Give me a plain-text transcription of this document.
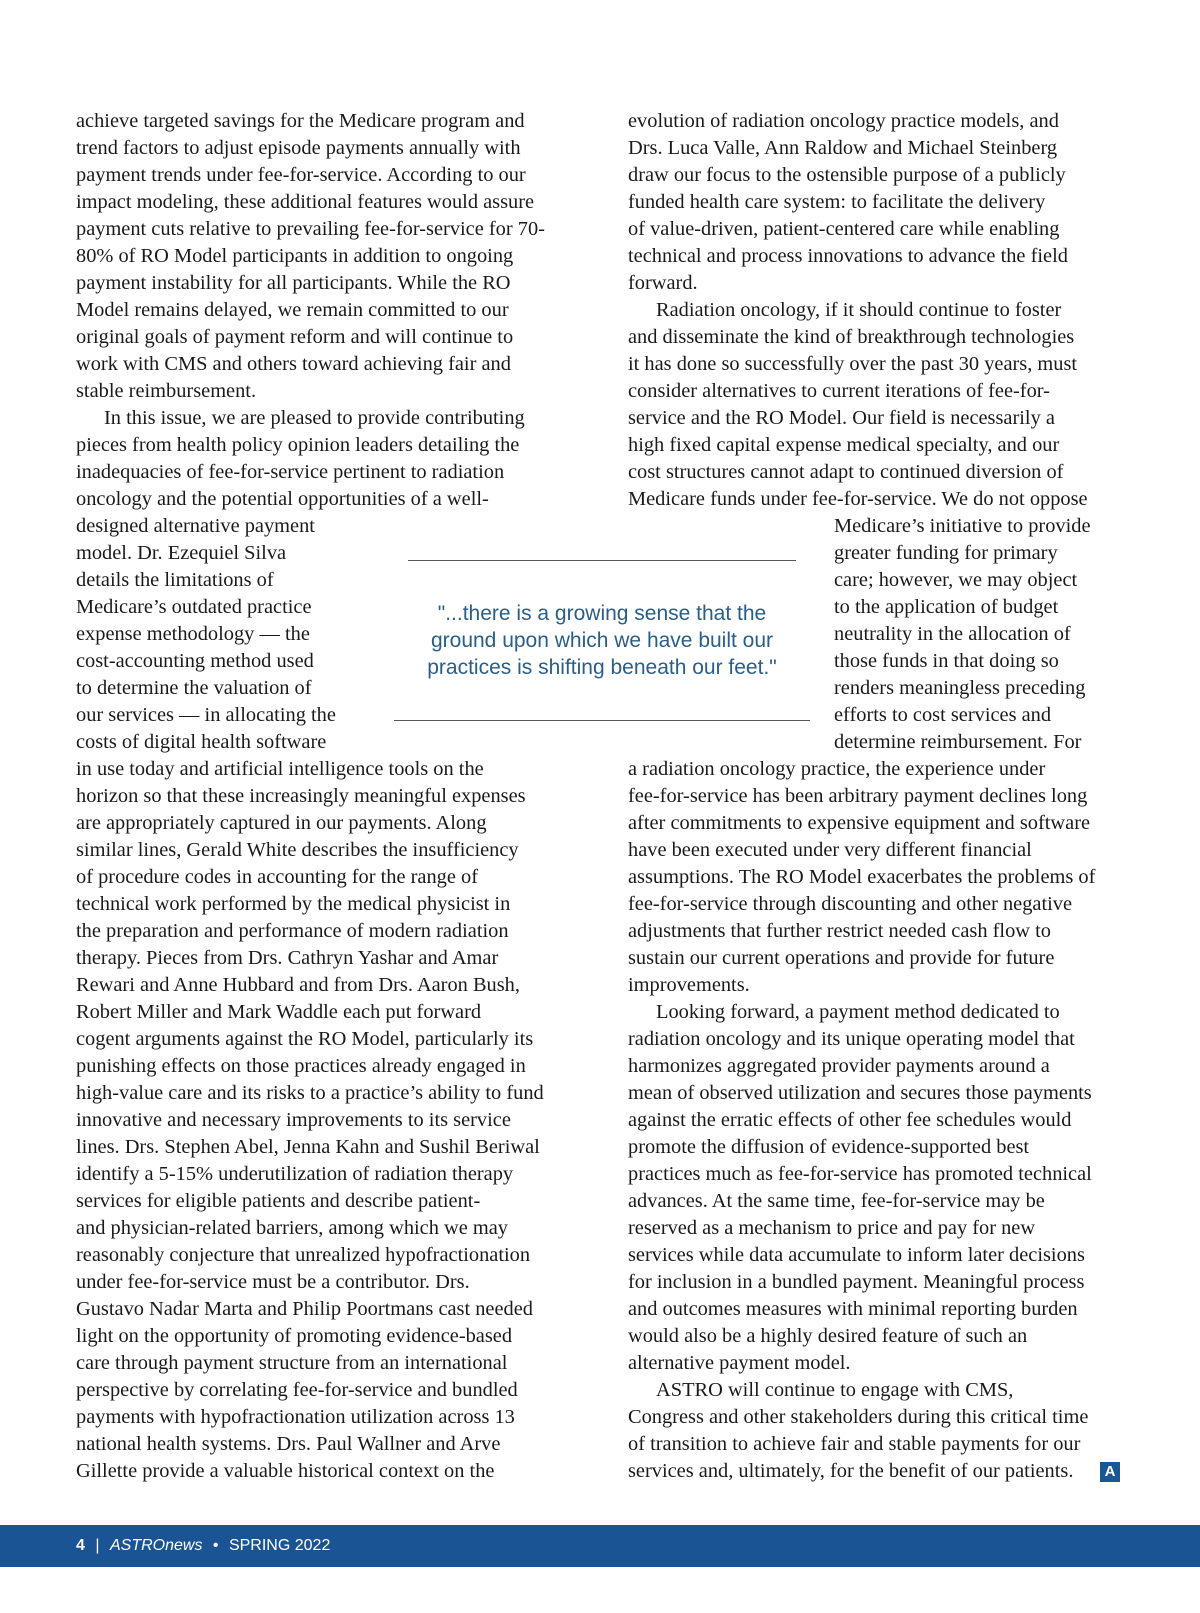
achieve targeted savings for the Medicare program and

trend factors to adjust episode payments annually with

payment trends under fee-for-service. According to our

impact modeling, these additional features would assure

payment cuts relative to prevailing fee-for-service for 70-

80% of RO Model participants in addition to ongoing

payment instability for all participants. While the RO

Model remains delayed, we remain committed to our

original goals of payment reform and will continue to

work with CMS and others toward achieving fair and

stable reimbursement.

In this issue, we are pleased to provide contributing

pieces from health policy opinion leaders detailing the

inadequacies of fee-for-service pertinent to radiation

oncology and the potential opportunities of a well-

designed alternative payment

model. Dr. Ezequiel Silva

details the limitations of

Medicare’s outdated practice

expense methodology — the

cost-accounting method used

to determine the valuation of

our services — in allocating the

costs of digital health software

in use today and artificial intelligence tools on the

horizon so that these increasingly meaningful expenses

are appropriately captured in our payments. Along

similar lines, Gerald White describes the insufficiency

of procedure codes in accounting for the range of

technical work performed by the medical physicist in

the preparation and performance of modern radiation

therapy. Pieces from Drs. Cathryn Yashar and Amar

Rewari and Anne Hubbard and from Drs. Aaron Bush,

Robert Miller and Mark Waddle each put forward

cogent arguments against the RO Model, particularly its

punishing effects on those practices already engaged in

high-value care and its risks to a practice’s ability to fund

innovative and necessary improvements to its service

lines. Drs. Stephen Abel, Jenna Kahn and Sushil Beriwal

identify a 5-15% underutilization of radiation therapy

services for eligible patients and describe patient-

and physician-related barriers, among which we may

reasonably conjecture that unrealized hypofractionation

under fee-for-service must be a contributor. Drs.

Gustavo Nadar Marta and Philip Poortmans cast needed

light on the opportunity of promoting evidence-based

care through payment structure from an international

perspective by correlating fee-for-service and bundled

payments with hypofractionation utilization across 13

national health systems. Drs. Paul Wallner and Arve

Gillette provide a valuable historical context on the

evolution of radiation oncology practice models, and

Drs. Luca Valle, Ann Raldow and Michael Steinberg

draw our focus to the ostensible purpose of a publicly

funded health care system: to facilitate the delivery

of value-driven, patient-centered care while enabling

technical and process innovations to advance the field

forward.

Radiation oncology, if it should continue to foster

and disseminate the kind of breakthrough technologies

it has done so successfully over the past 30 years, must

consider alternatives to current iterations of fee-for-

service and the RO Model. Our field is necessarily a

high fixed capital expense medical specialty, and our

cost structures cannot adapt to continued diversion of

Medicare funds under fee-for-service. We do not oppose

Medicare’s initiative to provide

greater funding for primary

care; however, we may object

to the application of budget

neutrality in the allocation of

those funds in that doing so

renders meaningless preceding

efforts to cost services and

determine reimbursement. For

a radiation oncology practice, the experience under

fee-for-service has been arbitrary payment declines long

after commitments to expensive equipment and software

have been executed under very different financial

assumptions. The RO Model exacerbates the problems of

fee-for-service through discounting and other negative

adjustments that further restrict needed cash flow to

sustain our current operations and provide for future

improvements.

Looking forward, a payment method dedicated to

radiation oncology and its unique operating model that

harmonizes aggregated provider payments around a

mean of observed utilization and secures those payments

against the erratic effects of other fee schedules would

promote the diffusion of evidence-supported best

practices much as fee-for-service has promoted technical

advances. At the same time, fee-for-service may be

reserved as a mechanism to price and pay for new

services while data accumulate to inform later decisions

for inclusion in a bundled payment. Meaningful process

and outcomes measures with minimal reporting burden

would also be a highly desired feature of such an

alternative payment model.

ASTRO will continue to engage with CMS,

Congress and other stakeholders during this critical time

of transition to achieve fair and stable payments for our

services and, ultimately, for the benefit of our patients.	A
"...there is a growing sense that the
ground upon which we have built our
practices is shifting beneath our feet."
4 | ASTROnews • SPRING 2022
